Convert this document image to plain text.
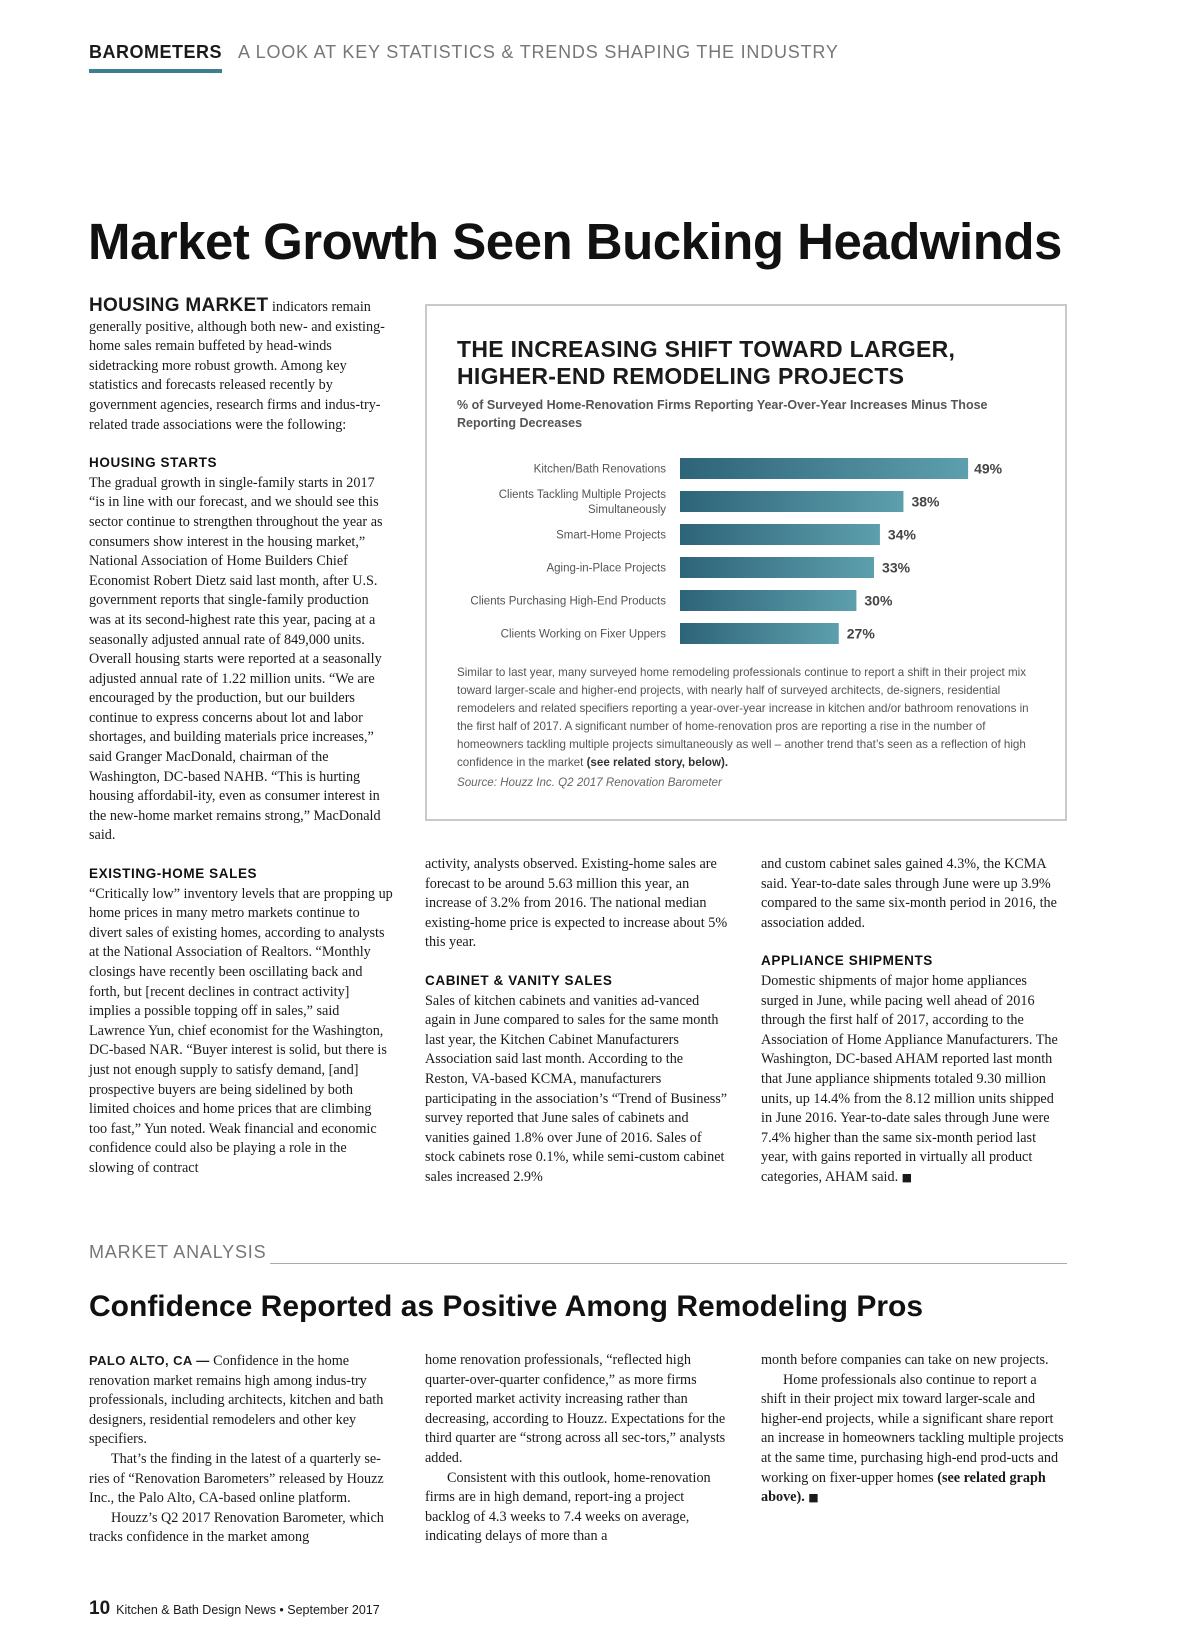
BAROMETERS A LOOK AT KEY STATISTICS & TRENDS SHAPING THE INDUSTRY
Market Growth Seen Bucking Headwinds

HOUSING MARKET indicators remain generally positive, although both new- and existing-home sales remain buffeted by head-winds sidetracking more robust growth. Among key statistics and forecasts released recently by government agencies, research firms and indus-try-related trade associations were the following:

HOUSING STARTS

The gradual growth in single-family starts in 2017 “is in line with our forecast, and we should see this sector continue to strengthen throughout the year as consumers show interest in the housing market,” National Association of Home Builders Chief Economist Robert Dietz said last month, after U.S. government reports that single-family production was at its second-highest rate this year, pacing at a seasonally adjusted annual rate of 849,000 units. Overall housing starts were reported at a seasonally adjusted annual rate of 1.22 million units. “We are encouraged by the production, but our builders continue to express concerns about lot and labor shortages, and building materials price increases,” said Granger MacDonald, chairman of the Washington, DC-based NAHB. “This is hurting housing affordabil-ity, even as consumer interest in the new-home market remains strong,” MacDonald said.

EXISTING-HOME SALES

“Critically low” inventory levels that are propping up home prices in many metro markets continue to divert sales of existing homes, according to analysts at the National Association of Realtors. “Monthly closings have recently been oscillating back and forth, but [recent declines in contract activity] implies a possible topping off in sales,” said Lawrence Yun, chief economist for the Washington, DC-based NAR. “Buyer interest is solid, but there is just not enough supply to satisfy demand, [and] prospective buyers are being sidelined by both limited choices and home prices that are climbing too fast,” Yun noted. Weak financial and economic confidence could also be playing a role in the slowing of contract

THE INCREASING SHIFT TOWARD LARGER, HIGHER-END REMODELING PROJECTS
% of Surveyed Home-Renovation Firms Reporting Year-Over-Year Increases Minus Those Reporting Decreases
49%
Kitchen/Bath Renovations
38%
Clients Tackling Multiple Projects Simultaneously
34%
Smart-Home Projects
33%
Aging-in-Place Projects
30%
Clients Purchasing High-End Products
27%
Clients Working on Fixer Uppers
Similar to last year, many surveyed home remodeling professionals continue to report a shift in their project mix toward larger-scale and higher-end projects, with nearly half of surveyed architects, de-signers, residential remodelers and related specifiers reporting a year-over-year increase in kitchen and/or bathroom renovations in the first half of 2017. A significant number of home-renovation pros are reporting a rise in the number of homeowners tackling multiple projects simultaneously as well – another trend that’s seen as a reflection of high confidence in the market (see related story, below).
Source: Houzz Inc. Q2 2017 Renovation Barometer

activity, analysts observed. Existing-home sales are forecast to be around 5.63 million this year, an increase of 3.2% from 2016. The national median existing-home price is expected to increase about 5% this year.

CABINET & VANITY SALES

Sales of kitchen cabinets and vanities ad-vanced again in June compared to sales for the same month last year, the Kitchen Cabinet Manufacturers Association said last month. According to the Reston, VA-based KCMA, manufacturers participating in the association’s “Trend of Business” survey reported that June sales of cabinets and vanities gained 1.8% over June of 2016. Sales of stock cabinets rose 0.1%, while semi-custom cabinet sales increased 2.9%

and custom cabinet sales gained 4.3%, the KCMA said. Year-to-date sales through June were up 3.9% compared to the same six-month period in 2016, the association added.

APPLIANCE SHIPMENTS

Domestic shipments of major home appliances surged in June, while pacing well ahead of 2016 through the first half of 2017, according to the Association of Home Appliance Manufacturers. The Washington, DC-based AHAM reported last month that June appliance shipments totaled 9.30 million units, up 14.4% from the 8.12 million units shipped in June 2016. Year-to-date sales through June were 7.4% higher than the same six-month period last year, with gains reported in virtually all product categories, AHAM said. ■

MARKET ANALYSIS
Confidence Reported as Positive Among Remodeling Pros

PALO ALTO, CA — Confidence in the home renovation market remains high among indus-try professionals, including architects, kitchen and bath designers, residential remodelers and other key specifiers.

That’s the finding in the latest of a quarterly se-ries of “Renovation Barometers” released by Houzz Inc., the Palo Alto, CA-based online platform.

Houzz’s Q2 2017 Renovation Barometer, which tracks confidence in the market among

home renovation professionals, “reflected high quarter-over-quarter confidence,” as more firms reported market activity increasing rather than decreasing, according to Houzz. Expectations for the third quarter are “strong across all sec-tors,” analysts added.

Consistent with this outlook, home-renovation firms are in high demand, report-ing a project backlog of 4.3 weeks to 7.4 weeks on average, indicating delays of more than a

month before companies can take on new projects.

Home professionals also continue to report a shift in their project mix toward larger-scale and higher-end projects, while a significant share report an increase in homeowners tackling multiple projects at the same time, purchasing high-end prod-ucts and working on fixer-upper homes (see related graph above). ■

10 Kitchen & Bath Design News • September 2017
